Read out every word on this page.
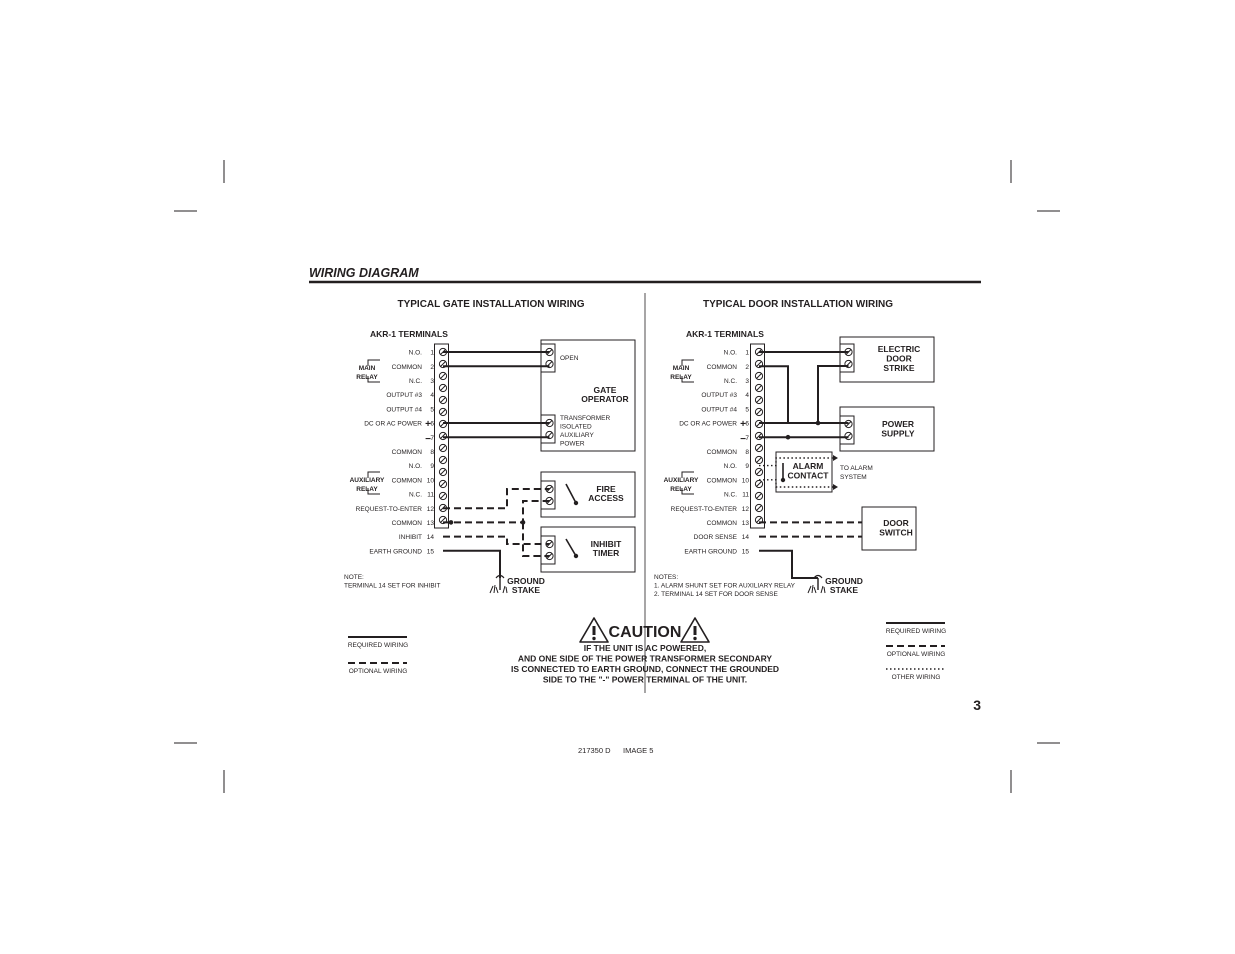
WIRING DIAGRAM
TYPICAL GATE INSTALLATION WIRING	TYPICAL DOOR INSTALLATION WIRING
AKR-1 TERMINALS
1
N.O.
2
COMMON
3
N.C.
4
OUTPUT #3
5
OUTPUT #4
6
DC OR AC POWER
7
8
COMMON
9
N.O.
10
COMMON
11
N.C.
12
REQUEST-TO-ENTER
13
COMMON
14
INHIBIT
15
EARTH GROUND
MAIN RELAY
AUXILIARY RELAY
+
−
OPEN
GATE OPERATOR
TRANSFORMER ISOLATED AUXILIARY POWER
FIRE ACCESS
INHIBIT TIMER
GROUND STAKE
NOTE: TERMINAL 14 SET FOR INHIBIT
AKR-1 TERMINALS
1
N.O.
2
COMMON
3
N.C.
4
OUTPUT #3
5
OUTPUT #4
6
DC OR AC POWER
7
8
COMMON
9
N.O.
10
COMMON
11
N.C.
12
REQUEST-TO-ENTER
13
COMMON
14
DOOR SENSE
15
EARTH GROUND
MAIN RELAY
AUXILIARY RELAY
+
−
ELECTRIC DOOR STRIKE
POWER SUPPLY
ALARM CONTACT
TO ALARM SYSTEM
DOOR SWITCH
GROUND STAKE
NOTES: 1. ALARM SHUNT SET FOR AUXILIARY RELAY 2. TERMINAL 14 SET FOR DOOR SENSE
REQUIRED WIRING
OPTIONAL WIRING
REQUIRED WIRING
OPTIONAL WIRING
OTHER WIRING
CAUTION
IF THE UNIT IS AC POWERED, AND ONE SIDE OF THE POWER TRANSFORMER SECONDARY IS CONNECTED TO EARTH GROUND, CONNECT THE GROUNDED SIDE TO THE "-" POWER TERMINAL OF THE UNIT.
3
217350 D IMAGE 5
